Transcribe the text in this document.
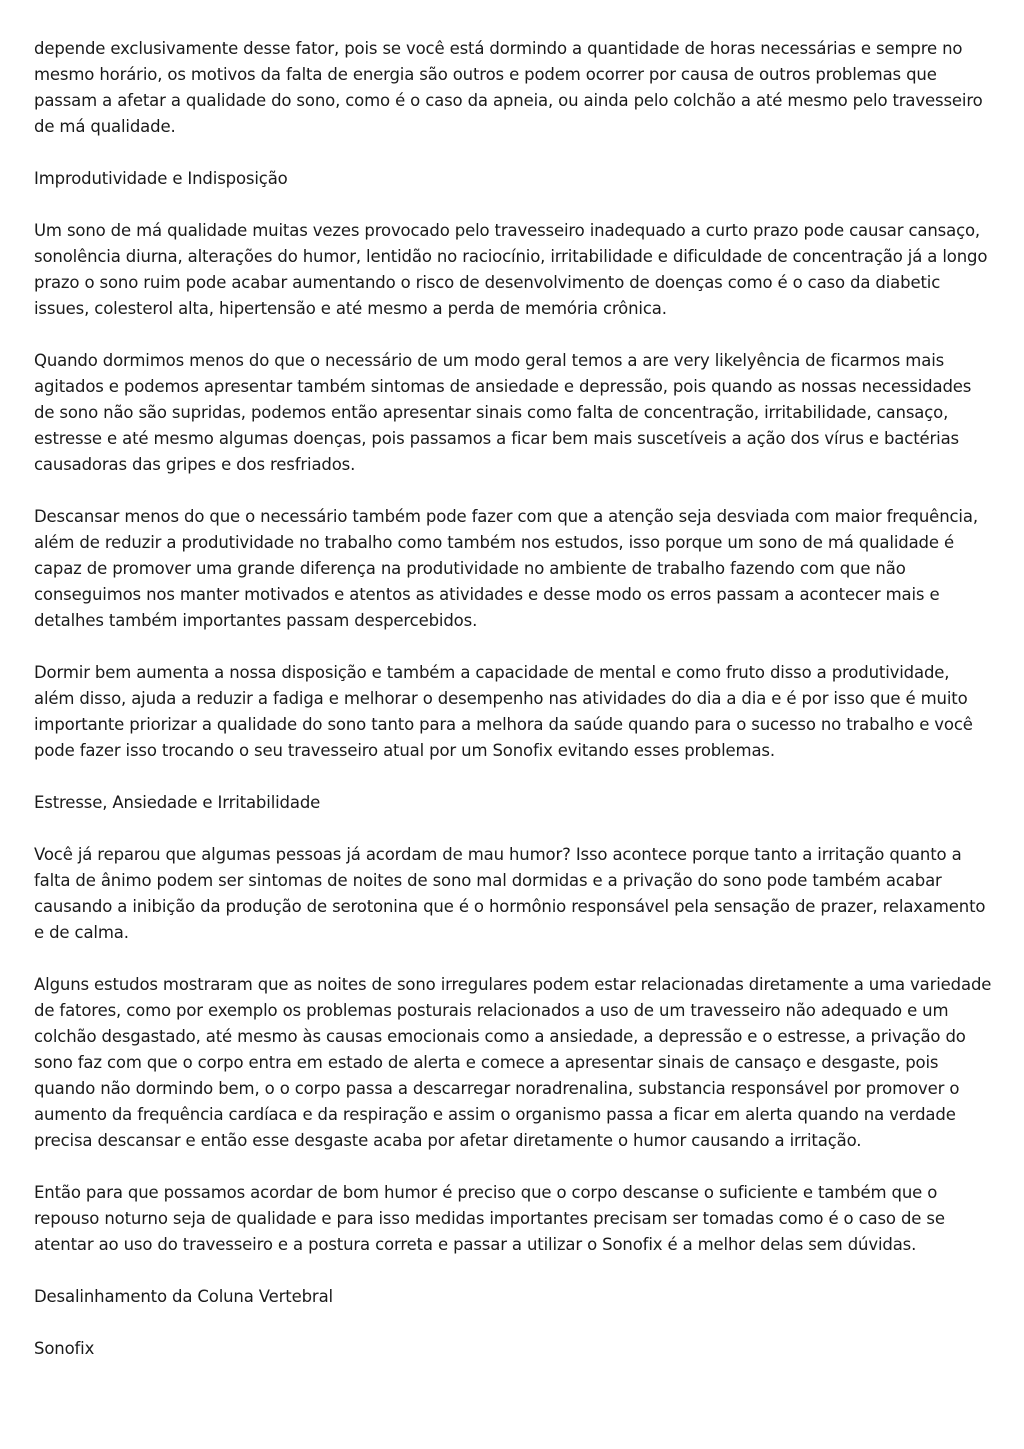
depende exclusivamente desse fator, pois se você está dormindo a quantidade de horas necessárias e sempre no mesmo horário, os motivos da falta de energia são outros e podem ocorrer por causa de outros problemas que passam a afetar a qualidade do sono, como é o caso da apneia, ou ainda pelo colchão a até mesmo pelo travesseiro de má qualidade.

Improdutividade e Indisposição

Um sono de má qualidade muitas vezes provocado pelo travesseiro inadequado a curto prazo pode causar cansaço, sonolência diurna, alterações do humor, lentidão no raciocínio, irritabilidade e dificuldade de concentração já a longo prazo o sono ruim pode acabar aumentando o risco de desenvolvimento de doenças como é o caso da diabetic issues, colesterol alta, hipertensão e até mesmo a perda de memória crônica.

Quando dormimos menos do que o necessário de um modo geral temos a are very likelyência de ficarmos mais agitados e podemos apresentar também sintomas de ansiedade e depressão, pois quando as nossas necessidades de sono não são supridas, podemos então apresentar sinais como falta de concentração, irritabilidade, cansaço, estresse e até mesmo algumas doenças, pois passamos a ficar bem mais suscetíveis a ação dos vírus e bactérias causadoras das gripes e dos resfriados.

Descansar menos do que o necessário também pode fazer com que a atenção seja desviada com maior frequência, além de reduzir a produtividade no trabalho como também nos estudos, isso porque um sono de má qualidade é capaz de promover uma grande diferença na produtividade no ambiente de trabalho fazendo com que não conseguimos nos manter motivados e atentos as atividades e desse modo os erros passam a acontecer mais e detalhes também importantes passam despercebidos.

Dormir bem aumenta a nossa disposição e também a capacidade de mental e como fruto disso a produtividade, além disso, ajuda a reduzir a fadiga e melhorar o desempenho nas atividades do dia a dia e é por isso que é muito importante priorizar a qualidade do sono tanto para a melhora da saúde quando para o sucesso no trabalho e você pode fazer isso trocando o seu travesseiro atual por um Sonofix evitando esses problemas.

Estresse, Ansiedade e Irritabilidade

Você já reparou que algumas pessoas já acordam de mau humor? Isso acontece porque tanto a irritação quanto a falta de ânimo podem ser sintomas de noites de sono mal dormidas e a privação do sono pode também acabar causando a inibição da produção de serotonina que é o hormônio responsável pela sensação de prazer, relaxamento e de calma.

Alguns estudos mostraram que as noites de sono irregulares podem estar relacionadas diretamente a uma variedade de fatores, como por exemplo os problemas posturais relacionados a uso de um travesseiro não adequado e um colchão desgastado, até mesmo às causas emocionais como a ansiedade, a depressão e o estresse, a privação do sono faz com que o corpo entra em estado de alerta e comece a apresentar sinais de cansaço e desgaste, pois quando não dormindo bem, o o corpo passa a descarregar noradrenalina, substancia responsável por promover o aumento da frequência cardíaca e da respiração e assim o organismo passa a ficar em alerta quando na verdade precisa descansar e então esse desgaste acaba por afetar diretamente o humor causando a irritação.

Então para que possamos acordar de bom humor é preciso que o corpo descanse o suficiente e também que o repouso noturno seja de qualidade e para isso medidas importantes precisam ser tomadas como é o caso de se atentar ao uso do travesseiro e a postura correta e passar a utilizar o Sonofix é a melhor delas sem dúvidas.

Desalinhamento da Coluna Vertebral

Sonofix
